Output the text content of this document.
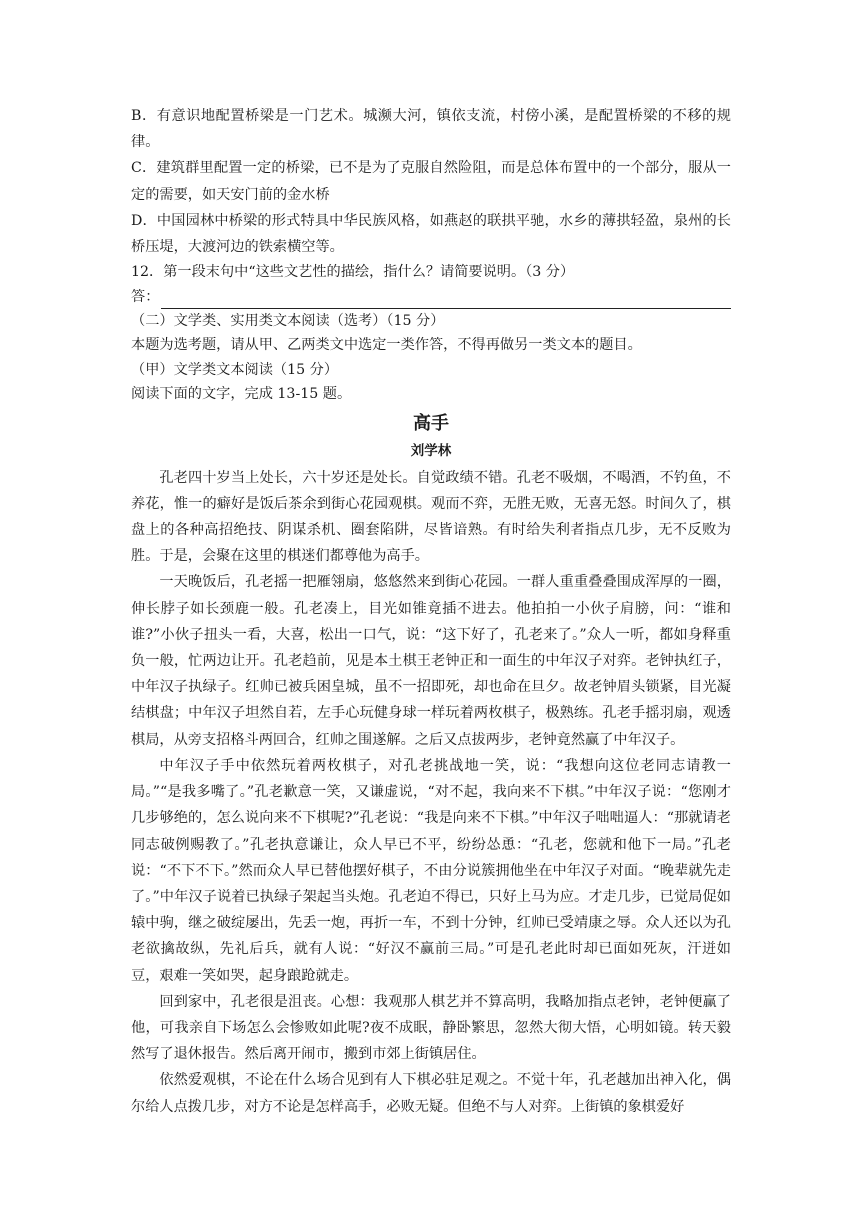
B．有意识地配置桥梁是一门艺术。城濒大河，镇依支流，村傍小溪，是配置桥梁的不移的规律。
C．建筑群里配置一定的桥梁，已不是为了克服自然险阻，而是总体布置中的一个部分，服从一定的需要，如天安门前的金水桥
D．中国园林中桥梁的形式特具中华民族风格，如燕赵的联拱平驰，水乡的薄拱轻盈，泉州的长桥压堤，大渡河边的铁索横空等。
12．第一段末句中“这些文艺性的描绘，指什么？请简要说明。（3 分）
答：
（二）文学类、实用类文本阅读（选考）（15 分）
本题为选考题，请从甲、乙两类文中选定一类作答，不得再做另一类文本的题目。
（甲）文学类文本阅读（15 分）
阅读下面的文字，完成 13-15 题。
高手
刘学林
孔老四十岁当上处长，六十岁还是处长。自觉政绩不错。孔老不吸烟，不喝酒，不钓鱼，不养花，惟一的癖好是饭后茶余到街心花园观棋。观而不弈，无胜无败，无喜无怒。时间久了，棋盘上的各种高招绝技、阴谋杀机、圈套陷阱，尽皆谙熟。有时给失利者指点几步，无不反败为胜。于是，会聚在这里的棋迷们都尊他为高手。
一天晚饭后，孔老摇一把雁翎扇，悠悠然来到街心花园。一群人重重叠叠围成浑厚的一圈，伸长脖子如长颈鹿一般。孔老凑上，目光如锥竟插不进去。他拍拍一小伙子肩膀，问：“谁和谁?”小伙子扭头一看，大喜，松出一口气，说：“这下好了，孔老来了。”众人一听，都如身释重负一般，忙两边让开。孔老趋前，见是本土棋王老钟正和一面生的中年汉子对弈。老钟执红子，中年汉子执绿子。红帅已被兵困皇城，虽不一招即死，却也命在旦夕。故老钟眉头锁紧，目光凝结棋盘；中年汉子坦然自若，左手心玩健身球一样玩着两枚棋子，极熟练。孔老手摇羽扇，观透棋局，从旁支招格斗两回合，红帅之围遂解。之后又点拔两步，老钟竟然赢了中年汉子。
中年汉子手中依然玩着两枚棋子，对孔老挑战地一笑，说：“我想向这位老同志请教一局。”“是我多嘴了。”孔老歉意一笑，又谦虚说，“对不起，我向来不下棋。”中年汉子说：“您刚才几步够绝的，怎么说向来不下棋呢?”孔老说：“我是向来不下棋。”中年汉子咄咄逼人：“那就请老同志破例赐教了。”孔老执意谦让，众人早已不平，纷纷怂恿：“孔老，您就和他下一局。”孔老说：“不下不下。”然而众人早已替他摆好棋子，不由分说簇拥他坐在中年汉子对面。“晚辈就先走了。”中年汉子说着已执绿子架起当头炮。孔老迫不得已，只好上马为应。才走几步，已觉局促如辕中驹，继之破绽屡出，先丢一炮，再折一车，不到十分钟，红帅已受靖康之辱。众人还以为孔老欲擒故纵，先礼后兵，就有人说：“好汉不赢前三局。”可是孔老此时却已面如死灰，汗迸如豆，艰难一笑如哭，起身踉跄就走。
回到家中，孔老很是沮丧。心想：我观那人棋艺并不算高明，我略加指点老钟，老钟便赢了他，可我亲自下场怎么会惨败如此呢?夜不成眠，静卧繁思，忽然大彻大悟，心明如镜。转天毅然写了退休报告。然后离开闹市，搬到市郊上街镇居住。
依然爱观棋，不论在什么场合见到有人下棋必驻足观之。不觉十年，孔老越加出神入化，偶尔给人点拨几步，对方不论是怎样高手，必败无疑。但绝不与人对弈。上街镇的象棋爱好
